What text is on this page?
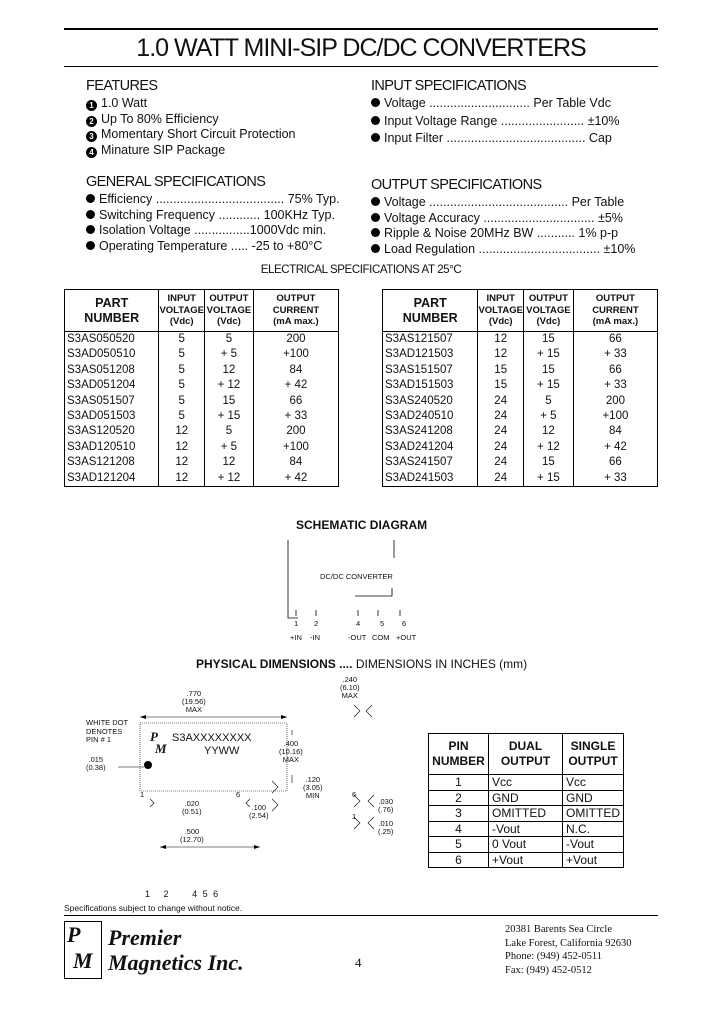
1.0 WATT MINI-SIP DC/DC CONVERTERS
FEATURES
1 1.0 Watt
2 Up To 80% Efficiency
3 Momentary Short Circuit Protection
4 Minature SIP Package
GENERAL SPECIFICATIONS
Efficiency ..................................... 75% Typ.
Switching Frequency ............ 100KHz Typ.
Isolation Voltage ................1000Vdc min.
Operating Temperature ..... -25 to +80°C
INPUT SPECIFICATIONS
Voltage ............................. Per Table Vdc
Input Voltage Range ........................ ±10%
Input Filter ........................................ Cap
OUTPUT SPECIFICATIONS
Voltage ........................................ Per Table
Voltage Accuracy ................................ ±5%
Ripple & Noise 20MHz BW ........... 1% p-p
Load Regulation ................................... ±10%
ELECTRICAL SPECIFICATIONS AT 25°C
PART
NUMBER	INPUT
VOLTAGE
(Vdc)	OUTPUT
VOLTAGE
(Vdc)	OUTPUT
CURRENT
(mA max.)
S3AS050520	5	5	200
S3AD050510	5	+ 5	+100
S3AS051208	5	12	84
S3AD051204	5	+ 12	+ 42
S3AS051507	5	15	66
S3AD051503	5	+ 15	+ 33
S3AS120520	12	5	200
S3AD120510	12	+ 5	+100
S3AS121208	12	12	84
S3AD121204	12	+ 12	+ 42
PART
NUMBER	INPUT
VOLTAGE
(Vdc)	OUTPUT
VOLTAGE
(Vdc)	OUTPUT
CURRENT
(mA max.)
S3AS121507	12	15	66
S3AD121503	12	+ 15	+ 33
S3AS151507	15	15	66
S3AD151503	15	+ 15	+ 33
S3AS240520	24	5	200
S3AD240510	24	+ 5	+100
S3AS241208	24	12	84
S3AD241204	24	+ 12	+ 42
S3AS241507	24	15	66
S3AD241503	24	+ 15	+ 33
SCHEMATIC DIAGRAM
DC/DC CONVERTER
1 2	4	5 6
+IN -IN	-OUT COM +OUT
PHYSICAL DIMENSIONS .... DIMENSIONS IN INCHES (mm)
.770
(19.56)
MAX
.240
(6.10)
MAX
.400
(10.16)
MAX
.120
(3.05)
MIN
.100
(2.54)
.020
(0.51)
.500
(12.70)
.015
(0.38)
.030
(.76)
.010
(.25)
WHITE DOT
DENOTES
PIN # 1	P
M
S3AXXXXXXXX
YYWW
1	6	6
1
1 2	4 5 6
PIN
NUMBER	DUAL
OUTPUT	SINGLE
OUTPUT
1	Vcc	Vcc
2	GND	GND
3	OMITTED	OMITTED
4	-Vout	N.C.
5	0 Vout	-Vout
6	+Vout	+Vout
Specifications subject to change without notice.
P
M
Premier
Magnetics Inc.	4
20381 Barents Sea Circle
Lake Forest, California 92630
Phone: (949) 452-0511
Fax: (949) 452-0512
